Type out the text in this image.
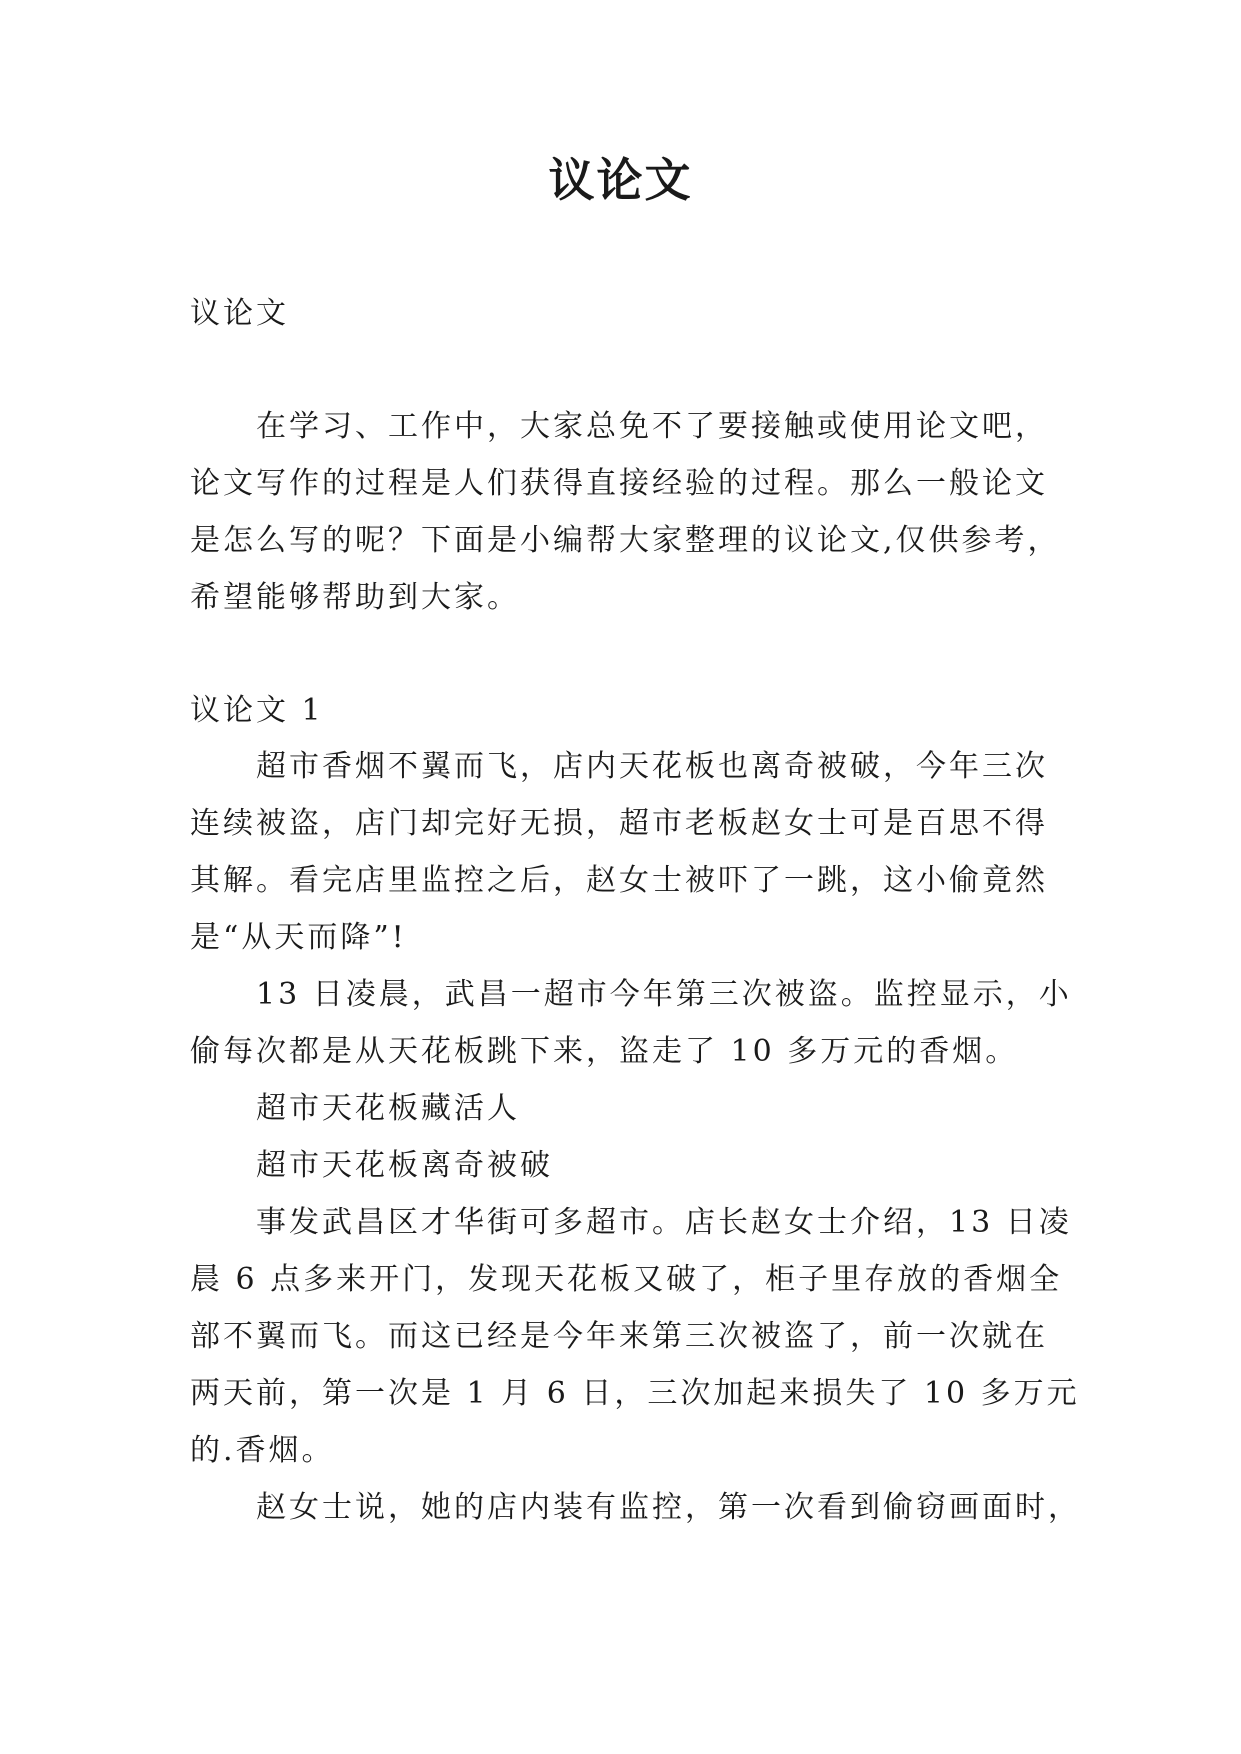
议论文
议论文
在学习、工作中，大家总免不了要接触或使用论文吧，
论文写作的过程是人们获得直接经验的过程。那么一般论文
是怎么写的呢？下面是小编帮大家整理的议论文,仅供参考，
希望能够帮助到大家。
议论文 1
超市香烟不翼而飞，店内天花板也离奇被破，今年三次
连续被盗，店门却完好无损，超市老板赵女士可是百思不得
其解。看完店里监控之后，赵女士被吓了一跳，这小偷竟然
是“从天而降”!
13 日凌晨，武昌一超市今年第三次被盗。监控显示，小
偷每次都是从天花板跳下来，盗走了 10 多万元的香烟。
超市天花板藏活人
超市天花板离奇被破
事发武昌区才华街可多超市。店长赵女士介绍，13 日凌
晨 6 点多来开门，发现天花板又破了，柜子里存放的香烟全
部不翼而飞。而这已经是今年来第三次被盗了，前一次就在
两天前，第一次是 1 月 6 日，三次加起来损失了 10 多万元
的.香烟。
赵女士说，她的店内装有监控，第一次看到偷窃画面时，
